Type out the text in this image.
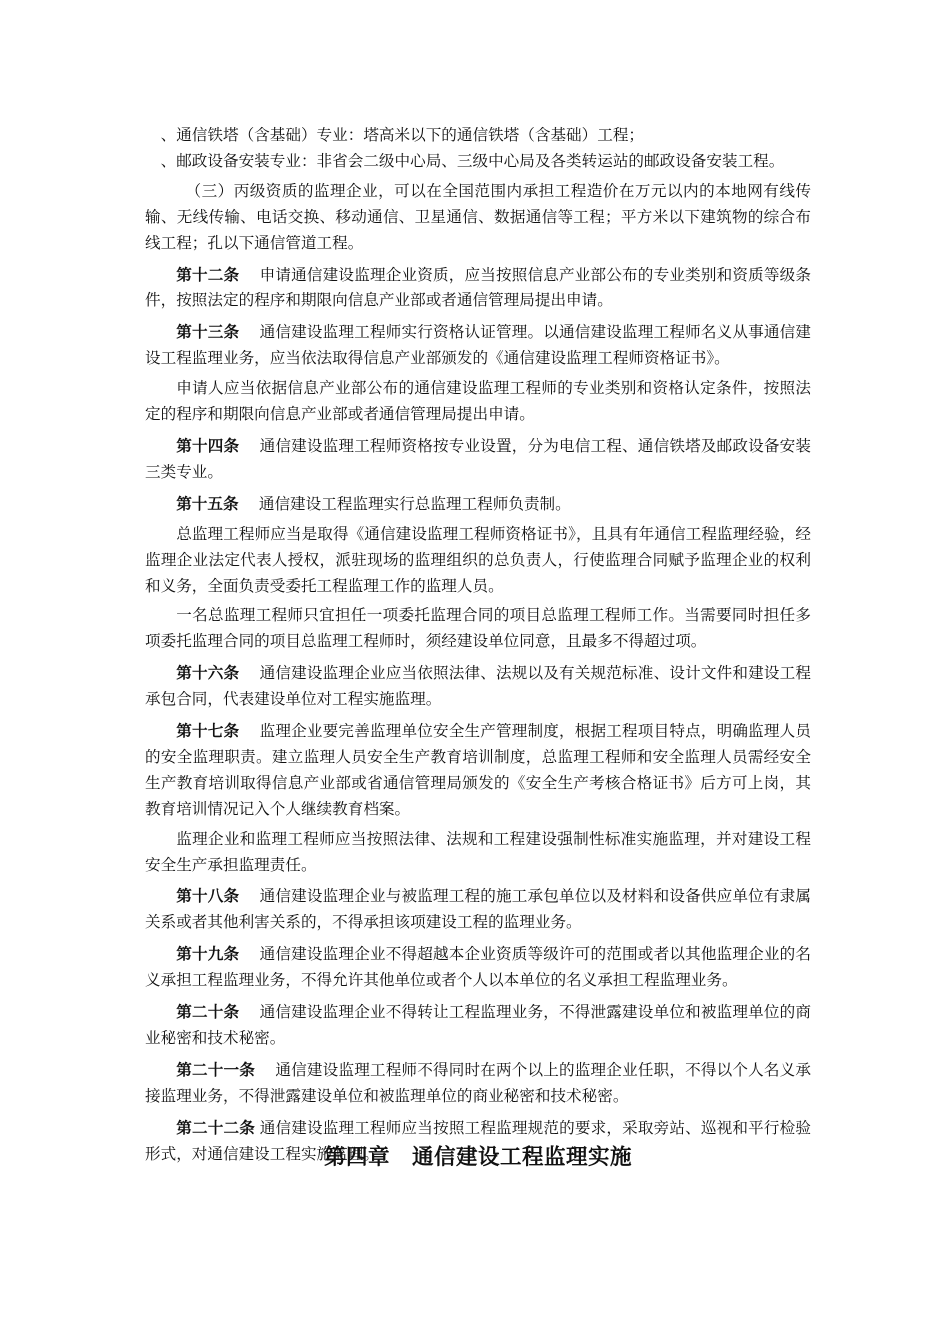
、通信铁塔（含基础）专业：塔高米以下的通信铁塔（含基础）工程；

、邮政设备安装专业：非省会二级中心局、三级中心局及各类转运站的邮政设备安装工程。

（三）丙级资质的监理企业，可以在全国范围内承担工程造价在万元以内的本地网有线传输、无线传输、电话交换、移动通信、卫星通信、数据通信等工程；平方米以下建筑物的综合布线工程；孔以下通信管道工程。

第十二条 申请通信建设监理企业资质，应当按照信息产业部公布的专业类别和资质等级条件，按照法定的程序和期限向信息产业部或者通信管理局提出申请。

第十三条 通信建设监理工程师实行资格认证管理。以通信建设监理工程师名义从事通信建设工程监理业务，应当依法取得信息产业部颁发的《通信建设监理工程师资格证书》。

申请人应当依据信息产业部公布的通信建设监理工程师的专业类别和资格认定条件，按照法定的程序和期限向信息产业部或者通信管理局提出申请。

第十四条 通信建设监理工程师资格按专业设置，分为电信工程、通信铁塔及邮政设备安装三类专业。

第十五条 通信建设工程监理实行总监理工程师负责制。

总监理工程师应当是取得《通信建设监理工程师资格证书》，且具有年通信工程监理经验，经监理企业法定代表人授权，派驻现场的监理组织的总负责人，行使监理合同赋予监理企业的权利和义务，全面负责受委托工程监理工作的监理人员。

一名总监理工程师只宜担任一项委托监理合同的项目总监理工程师工作。当需要同时担任多项委托监理合同的项目总监理工程师时，须经建设单位同意，且最多不得超过项。

第十六条 通信建设监理企业应当依照法律、法规以及有关规范标准、设计文件和建设工程承包合同，代表建设单位对工程实施监理。

第十七条 监理企业要完善监理单位安全生产管理制度，根据工程项目特点，明确监理人员的安全监理职责。建立监理人员安全生产教育培训制度，总监理工程师和安全监理人员需经安全生产教育培训取得信息产业部或省通信管理局颁发的《安全生产考核合格证书》后方可上岗，其教育培训情况记入个人继续教育档案。

监理企业和监理工程师应当按照法律、法规和工程建设强制性标准实施监理，并对建设工程安全生产承担监理责任。

第十八条 通信建设监理企业与被监理工程的施工承包单位以及材料和设备供应单位有隶属关系或者其他利害关系的，不得承担该项建设工程的监理业务。

第十九条 通信建设监理企业不得超越本企业资质等级许可的范围或者以其他监理企业的名义承担工程监理业务，不得允许其他单位或者个人以本单位的名义承担工程监理业务。

第二十条 通信建设监理企业不得转让工程监理业务，不得泄露建设单位和被监理单位的商业秘密和技术秘密。

第二十一条 通信建设监理工程师不得同时在两个以上的监理企业任职，不得以个人名义承接监理业务，不得泄露建设单位和被监理单位的商业秘密和技术秘密。

第二十二条 通信建设监理工程师应当按照工程监理规范的要求，采取旁站、巡视和平行检验形式，对通信建设工程实施监理。

第四章　通信建设工程监理实施
